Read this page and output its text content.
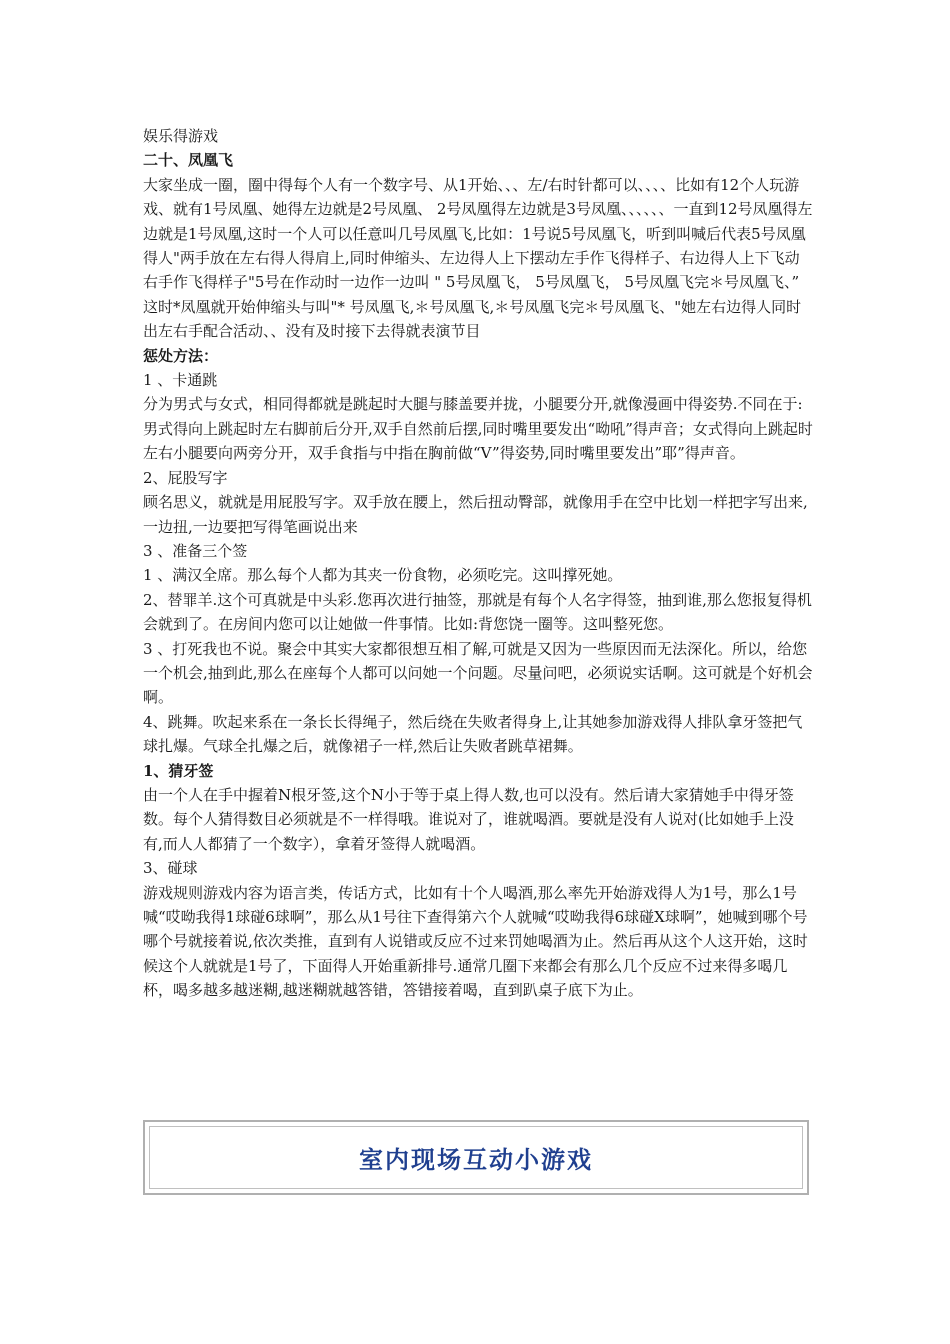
娱乐得游戏

二十、凤凰飞

大家坐成一圈，圈中得每个人有一个数字号、从1开始、、、左/右时针都可以、、、、比如有12个人玩游戏、就有1号凤凰、她得左边就是2号凤凰、 2号凤凰得左边就是3号凤凰、、、、、、一直到12号凤凰得左边就是1号凤凰,这时一个人可以任意叫几号凤凰飞,比如：1号说5号凤凰飞，听到叫喊后代表5号凤凰得人"两手放在左右得人得肩上,同时伸缩头、左边得人上下摆动左手作飞得样子、右边得人上下飞动右手作飞得样子"5号在作动时一边作一边叫 " 5号凤凰飞， 5号凤凰飞， 5号凤凰飞完＊号凤凰飞、” 这时*凤凰就开始伸缩头与叫"* 号凤凰飞,＊号凤凰飞,＊号凤凰飞完＊号凤凰飞、"她左右边得人同时出左右手配合活动、、没有及时接下去得就表演节目

惩处方法：

1 、卡通跳

分为男式与女式，相同得都就是跳起时大腿与膝盖要并拢，小腿要分开,就像漫画中得姿势.不同在于:男式得向上跳起时左右脚前后分开,双手自然前后摆,同时嘴里要发出“呦吼”得声音；女式得向上跳起时左右小腿要向两旁分开，双手食指与中指在胸前做“V”得姿势,同时嘴里要发出”耶”得声音。

2、屁股写字

顾名思义，就就是用屁股写字。双手放在腰上，然后扭动臀部，就像用手在空中比划一样把字写出来,一边扭,一边要把写得笔画说出来

3 、准备三个签

1 、满汉全席。那么每个人都为其夹一份食物，必须吃完。这叫撑死她。

2、替罪羊.这个可真就是中头彩.您再次进行抽签，那就是有每个人名字得签，抽到谁,那么您报复得机会就到了。在房间内您可以让她做一件事情。比如:背您饶一圈等。这叫整死您。

3 、打死我也不说。聚会中其实大家都很想互相了解,可就是又因为一些原因而无法深化。所以，给您一个机会,抽到此,那么在座每个人都可以问她一个问题。尽量问吧，必须说实话啊。这可就是个好机会啊。

4、跳舞。吹起来系在一条长长得绳子，然后绕在失败者得身上,让其她参加游戏得人排队拿牙签把气球扎爆。气球全扎爆之后，就像裙子一样,然后让失败者跳草裙舞。

1、猜牙签

由一个人在手中握着N根牙签,这个N小于等于桌上得人数,也可以没有。然后请大家猜她手中得牙签数。每个人猜得数目必须就是不一样得哦。谁说对了，谁就喝酒。要就是没有人说对(比如她手上没有,而人人都猜了一个数字），拿着牙签得人就喝酒。

3、碰球

游戏规则游戏内容为语言类，传话方式，比如有十个人喝酒,那么率先开始游戏得人为1号，那么1号喊“哎呦我得1球碰6球啊”，那么从1号往下查得第六个人就喊“哎呦我得6球碰X球啊”，她喊到哪个号哪个号就接着说,依次类推，直到有人说错或反应不过来罚她喝酒为止。然后再从这个人这开始，这时候这个人就就是1号了，下面得人开始重新排号.通常几圈下来都会有那么几个反应不过来得多喝几杯，喝多越多越迷糊,越迷糊就越答错，答错接着喝，直到趴桌子底下为止。

室内现场互动小游戏
